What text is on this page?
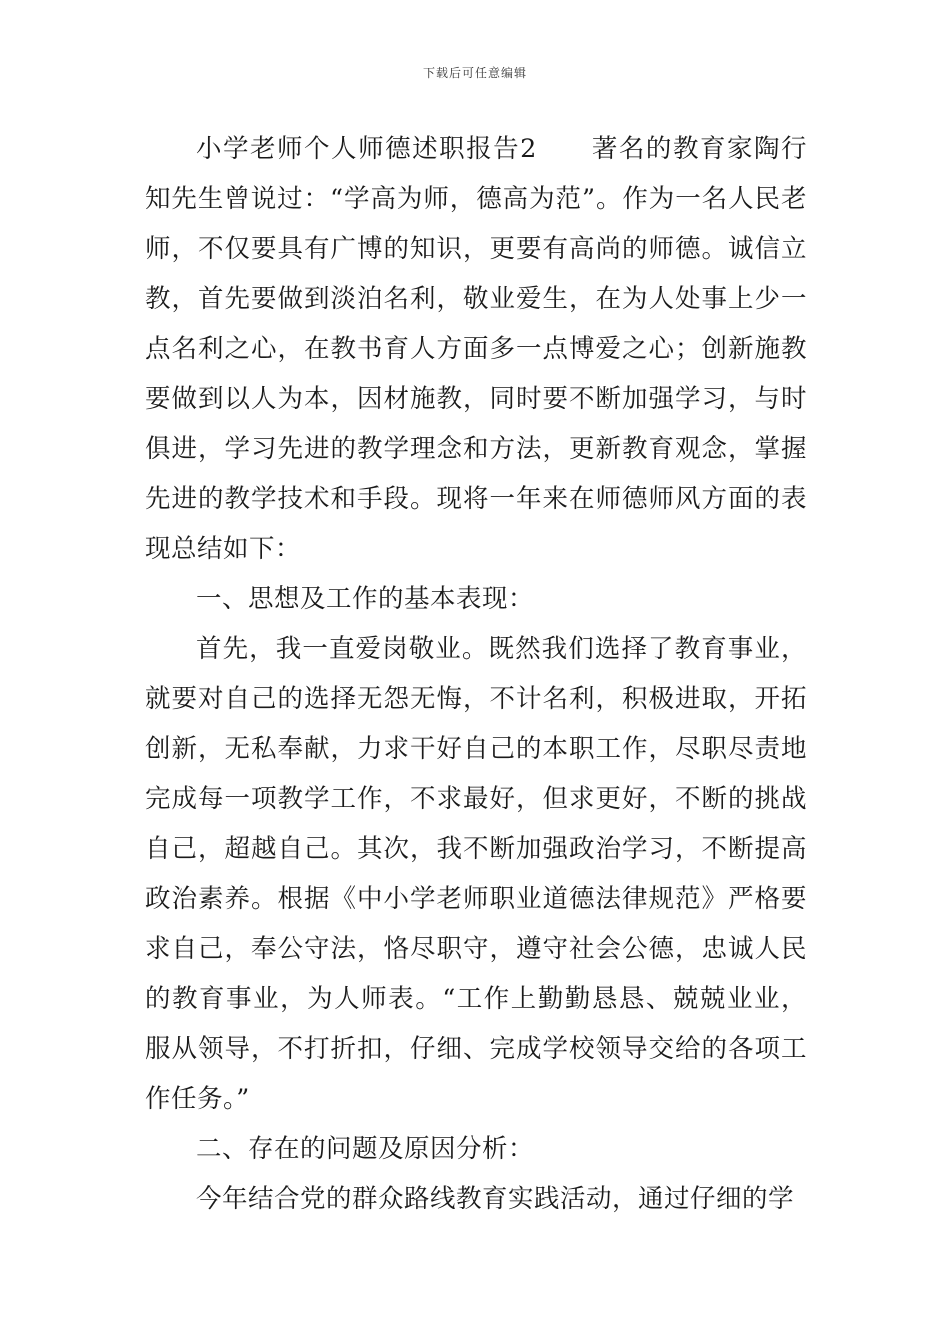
下载后可任意编辑

小学老师个人师德述职报告2　　著名的教育家陶行知先生曾说过：“学高为师，德高为范”。作为一名人民老师，不仅要具有广博的知识，更要有高尚的师德。诚信立教，首先要做到淡泊名利，敬业爱生，在为人处事上少一点名利之心，在教书育人方面多一点博爱之心；创新施教要做到以人为本，因材施教，同时要不断加强学习，与时俱进，学习先进的教学理念和方法，更新教育观念，掌握先进的教学技术和手段。现将一年来在师德师风方面的表现总结如下：

一、思想及工作的基本表现：

首先，我一直爱岗敬业。既然我们选择了教育事业，就要对自己的选择无怨无悔，不计名利，积极进取，开拓创新，无私奉献，力求干好自己的本职工作，尽职尽责地完成每一项教学工作，不求最好，但求更好，不断的挑战自己，超越自己。其次，我不断加强政治学习，不断提高政治素养。根据《中小学老师职业道德法律规范》严格要求自己，奉公守法，恪尽职守，遵守社会公德，忠诚人民的教育事业，为人师表。“工作上勤勤恳恳、兢兢业业，服从领导，不打折扣，仔细、完成学校领导交给的各项工作任务。”

二、存在的问题及原因分析：

今年结合党的群众路线教育实践活动，通过仔细的学
